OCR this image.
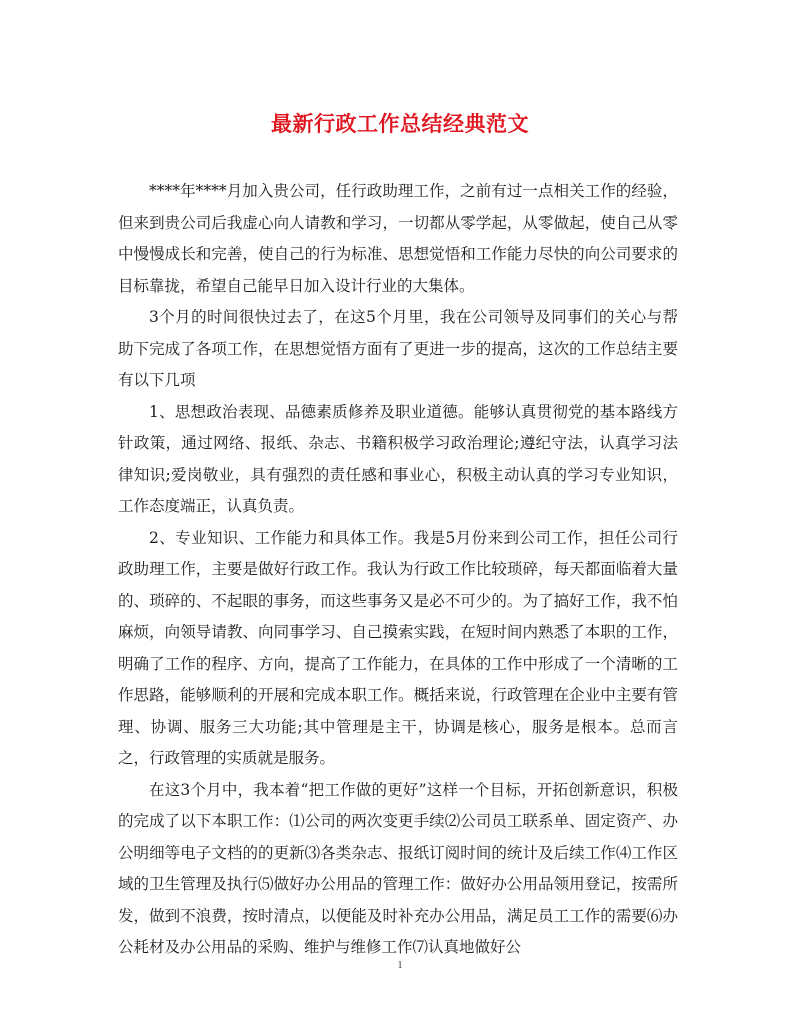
最新行政工作总结经典范文

****年****月加入贵公司，任行政助理工作，之前有过一点相关工作的经验，但来到贵公司后我虚心向人请教和学习，一切都从零学起，从零做起，使自己从零中慢慢成长和完善，使自己的行为标准、思想觉悟和工作能力尽快的向公司要求的目标靠拢，希望自己能早日加入设计行业的大集体。

3个月的时间很快过去了，在这5个月里，我在公司领导及同事们的关心与帮助下完成了各项工作，在思想觉悟方面有了更进一步的提高，这次的工作总结主要有以下几项

1、思想政治表现、品德素质修养及职业道德。能够认真贯彻党的基本路线方针政策，通过网络、报纸、杂志、书籍积极学习政治理论;遵纪守法，认真学习法律知识;爱岗敬业，具有强烈的责任感和事业心，积极主动认真的学习专业知识，工作态度端正，认真负责。

2、专业知识、工作能力和具体工作。我是5月份来到公司工作，担任公司行政助理工作，主要是做好行政工作。我认为行政工作比较琐碎，每天都面临着大量的、琐碎的、不起眼的事务，而这些事务又是必不可少的。为了搞好工作，我不怕麻烦，向领导请教、向同事学习、自己摸索实践，在短时间内熟悉了本职的工作，明确了工作的程序、方向，提高了工作能力，在具体的工作中形成了一个清晰的工作思路，能够顺利的开展和完成本职工作。概括来说，行政管理在企业中主要有管理、协调、服务三大功能;其中管理是主干，协调是核心，服务是根本。总而言之，行政管理的实质就是服务。

在这3个月中，我本着“把工作做的更好”这样一个目标，开拓创新意识，积极的完成了以下本职工作：⑴公司的两次变更手续⑵公司员工联系单、固定资产、办公明细等电子文档的的更新⑶各类杂志、报纸订阅时间的统计及后续工作⑷工作区域的卫生管理及执行⑸做好办公用品的管理工作：做好办公用品领用登记，按需所发，做到不浪费，按时清点，以便能及时补充办公用品，满足员工工作的需要⑹办公耗材及办公用品的采购、维护与维修工作⑺认真地做好公

1
